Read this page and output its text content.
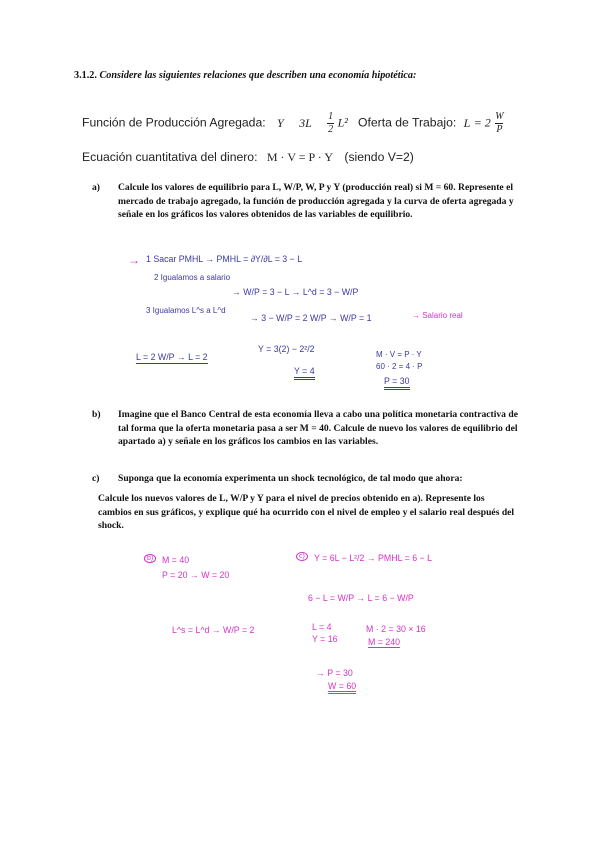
3.1.2. Considere las siguientes relaciones que describen una economía hipotética:
Función de Producción Agregada: Y $3L \frac{1}{2} L^2$ Oferta de Trabajo: $L = 2 \frac{W}{P}$
Ecuación cuantitativa del dinero: M · V = P · Y (siendo V=2)
a) Calcule los valores de equilibrio para L, W/P, W, P y Y (producción real) si M = 60. Represente el mercado de trabajo agregado, la función de producción agregada y la curva de oferta agregada y señale en los gráficos los valores obtenidos de las variables de equilibrio.
→ 1 Sacar PMHL → PMHL = ∂Y/∂L = 3 − L
2 Igualamos a salario
→ W/P = 3 − L → L^d = 3 − W/P
3 Igualamos L^s a L^d
→ 3 − W/P = 2 W/P → W/P = 1	→ Salario real
L = 2 W/P → L = 2
Y = 3(2) − 2²/2
Y = 4
M · V = P · Y
60 · 2 = 4 · P
P = 30
b) Imagine que el Banco Central de esta economía lleva a cabo una política monetaria contractiva de tal forma que la oferta monetaria pasa a ser M = 40. Calcule de nuevo los valores de equilibrio del apartado a) y señale en los gráficos los cambios en las variables.
c) Suponga que la economía experimenta un shock tecnológico, de tal modo que ahora:
Calcule los nuevos valores de L, W/P y Y para el nivel de precios obtenido en a). Represente los cambios en sus gráficos, y explique qué ha ocurrido con el nivel de empleo y el salario real después del shock.
b) M = 40
P = 20 → W = 20
c)	Y = 6L − L²/2 → PMHL = 6 − L
6 − L = W/P → L = 6 − W/P
L^s = L^d → W/P = 2	L = 4
Y = 16
M · 2 = 30 × 16
M = 240
→ P = 30
W = 60
